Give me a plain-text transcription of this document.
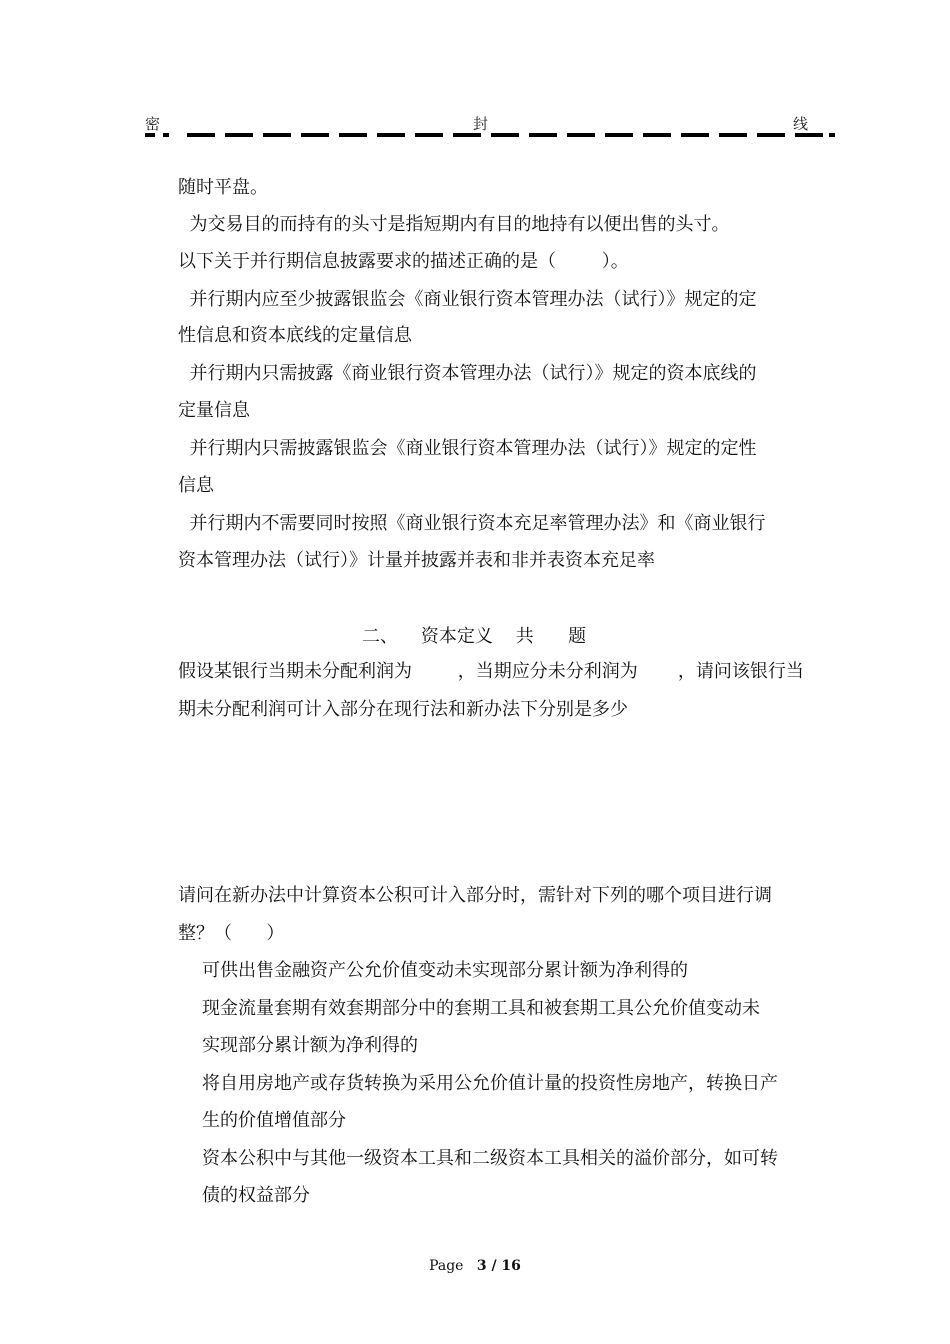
密	封	线
随时平盘。
为交易目的而持有的头寸是指短期内有目的地持有以便出售的头寸。
以下关于并行期信息披露要求的描述正确的是（        ）。
并行期内应至少披露银监会《商业银行资本管理办法（试行）》规定的定
性信息和资本底线的定量信息
并行期内只需披露《商业银行资本管理办法（试行）》规定的资本底线的
定量信息
并行期内只需披露银监会《商业银行资本管理办法（试行）》规定的定性
信息
并行期内不需要同时按照《商业银行资本充足率管理办法》和《商业银行
资本管理办法（试行）》计量并披露并表和非并表资本充足率
二、    资本定义    共      题
假设某银行当期未分配利润为        ，当期应分未分利润为       ，请问该银行当
期未分配利润可计入部分在现行法和新办法下分别是多少
请问在新办法中计算资本公积可计入部分时，需针对下列的哪个项目进行调
整？（      ）
可供出售金融资产公允价值变动未实现部分累计额为净利得的
现金流量套期有效套期部分中的套期工具和被套期工具公允价值变动未
实现部分累计额为净利得的
将自用房地产或存货转换为采用公允价值计量的投资性房地产，转换日产
生的价值增值部分
资本公积中与其他一级资本工具和二级资本工具相关的溢价部分，如可转
债的权益部分
Page 3 / 16
